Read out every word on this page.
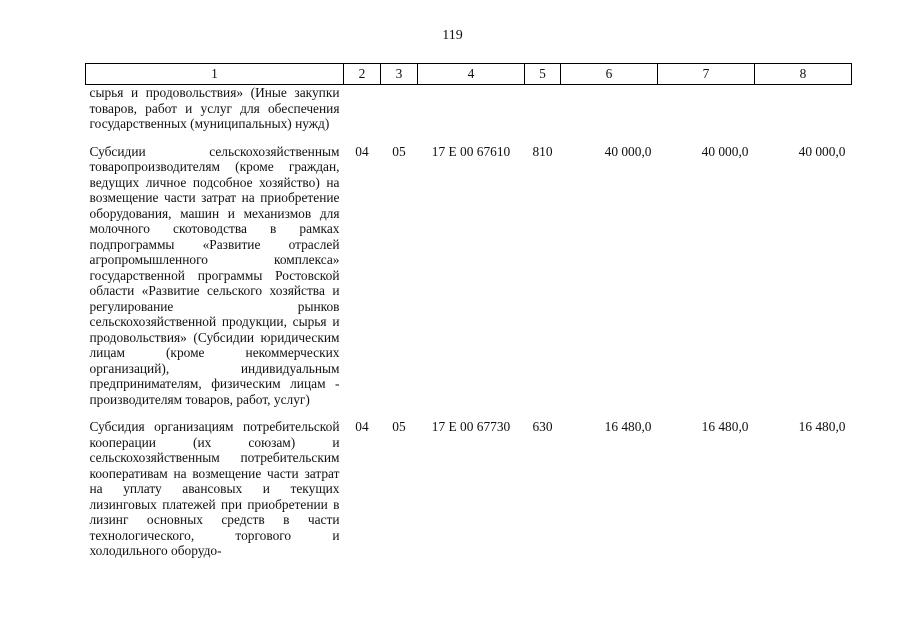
119
1	2	3	4	5	6	7	8
сырья и продовольствия» (Иные закупки товаров, работ и услуг для обеспечения государственных (муниципальных) нужд)							
Субсидии сельскохозяйственным товаропроизводителям (кроме граждан, ведущих личное подсобное хозяйство) на возмещение части затрат на приобретение оборудования, машин и механизмов для молочного скотоводства в рамках подпрограммы «Развитие отраслей агропромышленного комплекса» государственной программы Ростовской области «Развитие сельского хозяйства и регулирование рынков сельскохозяйственной продукции, сырья и продовольствия» (Субсидии юридическим лицам (кроме некоммерческих организаций), индивидуальным предпринимателям, физическим лицам - производителям товаров, работ, услуг)	04	05	17 Е 00 67610	810	40 000,0	40 000,0	40 000,0
Субсидия организациям потребительской кооперации (их союзам) и сельскохозяйственным потребительским кооперативам на возмещение части затрат на уплату авансовых и текущих лизинговых платежей при приобретении в лизинг основных средств в части технологического, торгового и холодильного оборудо-	04	05	17 Е 00 67730	630	16 480,0	16 480,0	16 480,0
